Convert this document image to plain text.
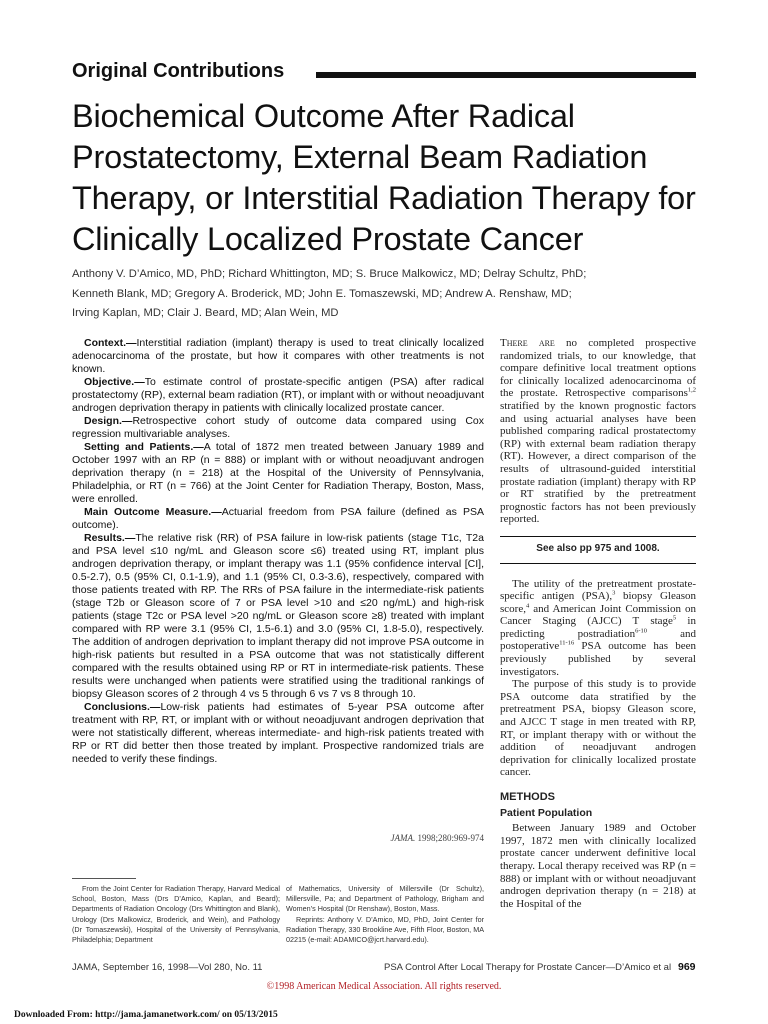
Original Contributions
Biochemical Outcome After Radical Prostatectomy, External Beam Radiation Therapy, or Interstitial Radiation Therapy for Clinically Localized Prostate Cancer
Anthony V. D’Amico, MD, PhD; Richard Whittington, MD; S. Bruce Malkowicz, MD; Delray Schultz, PhD;
Kenneth Blank, MD; Gregory A. Broderick, MD; John E. Tomaszewski, MD; Andrew A. Renshaw, MD;
Irving Kaplan, MD; Clair J. Beard, MD; Alan Wein, MD

Context.—Interstitial radiation (implant) therapy is used to treat clinically localized adenocarcinoma of the prostate, but how it compares with other treatments is not known.

Objective.—To estimate control of prostate-specific antigen (PSA) after radical prostatectomy (RP), external beam radiation (RT), or implant with or without neoadjuvant androgen deprivation therapy in patients with clinically localized prostate cancer.

Design.—Retrospective cohort study of outcome data compared using Cox regression multivariable analyses.

Setting and Patients.—A total of 1872 men treated between January 1989 and October 1997 with an RP (n = 888) or implant with or without neoadjuvant androgen deprivation therapy (n = 218) at the Hospital of the University of Pennsylvania, Philadelphia, or RT (n = 766) at the Joint Center for Radiation Therapy, Boston, Mass, were enrolled.

Main Outcome Measure.—Actuarial freedom from PSA failure (defined as PSA outcome).

Results.—The relative risk (RR) of PSA failure in low-risk patients (stage T1c, T2a and PSA level ≤10 ng/mL and Gleason score ≤6) treated using RT, implant plus androgen deprivation therapy, or implant therapy was 1.1 (95% confidence interval [CI], 0.5-2.7), 0.5 (95% CI, 0.1-1.9), and 1.1 (95% CI, 0.3-3.6), respectively, compared with those patients treated with RP. The RRs of PSA failure in the intermediate-risk patients (stage T2b or Gleason score of 7 or PSA level >10 and ≤20 ng/mL) and high-risk patients (stage T2c or PSA level >20 ng/mL or Gleason score ≥8) treated with implant compared with RP were 3.1 (95% CI, 1.5-6.1) and 3.0 (95% CI, 1.8-5.0), respectively. The addition of androgen deprivation to implant therapy did not improve PSA outcome in high-risk patients but resulted in a PSA outcome that was not statistically different compared with the results obtained using RP or RT in intermediate-risk patients. These results were unchanged when patients were stratified using the traditional rankings of biopsy Gleason scores of 2 through 4 vs 5 through 6 vs 7 vs 8 through 10.

Conclusions.—Low-risk patients had estimates of 5-year PSA outcome after treatment with RP, RT, or implant with or without neoadjuvant androgen deprivation that were not statistically different, whereas intermediate- and high-risk patients treated with RP or RT did better then those treated by implant. Prospective randomized trials are needed to verify these findings.

JAMA. 1998;280:969-974
From the Joint Center for Radiation Therapy, Harvard Medical School, Boston, Mass (Drs D’Amico, Kaplan, and Beard); Departments of Radiation Oncology (Drs Whittington and Blank), Urology (Drs Malkowicz, Broderick, and Wein), and Pathology (Dr Tomaszewski), Hospital of the University of Pennsylvania, Philadelphia; Department
of Mathematics, University of Millersville (Dr Schultz), Millersville, Pa; and Department of Pathology, Brigham and Women’s Hospital (Dr Renshaw), Boston, Mass.
Reprints: Anthony V. D’Amico, MD, PhD, Joint Center for Radiation Therapy, 330 Brookline Ave, Fifth Floor, Boston, MA 02215 (e-mail: ADAMICO@jcrt.harvard.edu).

There are no completed prospective randomized trials, to our knowledge, that compare definitive local treatment options for clinically localized adenocarcinoma of the prostate. Retrospective comparisons$^{1,2}$ stratified by the known prognostic factors and using actuarial analyses have been published comparing radical prostatectomy (RP) with external beam radiation therapy (RT). However, a direct comparison of the results of ultrasound-guided interstitial prostate radiation (implant) therapy with RP or RT stratified by the pretreatment prognostic factors has not been previously reported.

See also pp 975 and 1008.

The utility of the pretreatment prostate-specific antigen (PSA),$^3$ biopsy Gleason score,$^4$ and American Joint Commission on Cancer Staging (AJCC) T stage$^5$ in predicting postradiation$^{6-10}$ and postoperative$^{11-16}$ PSA outcome has been previously published by several investigators.

The purpose of this study is to provide PSA outcome data stratified by the pretreatment PSA, biopsy Gleason score, and AJCC T stage in men treated with RP, RT, or implant therapy with or without the addition of neoadjuvant androgen deprivation for clinically localized prostate cancer.

METHODS
Patient Population

Between January 1989 and October 1997, 1872 men with clinically localized prostate cancer underwent definitive local therapy. Local therapy received was RP (n = 888) or implant with or without neoadjuvant androgen deprivation therapy (n = 218) at the Hospital of the

JAMA, September 16, 1998—Vol 280, No. 11	PSA Control After Local Therapy for Prostate Cancer—D’Amico et al 969
©1998 American Medical Association. All rights reserved.
Downloaded From: http://jama.jamanetwork.com/ on 05/13/2015
